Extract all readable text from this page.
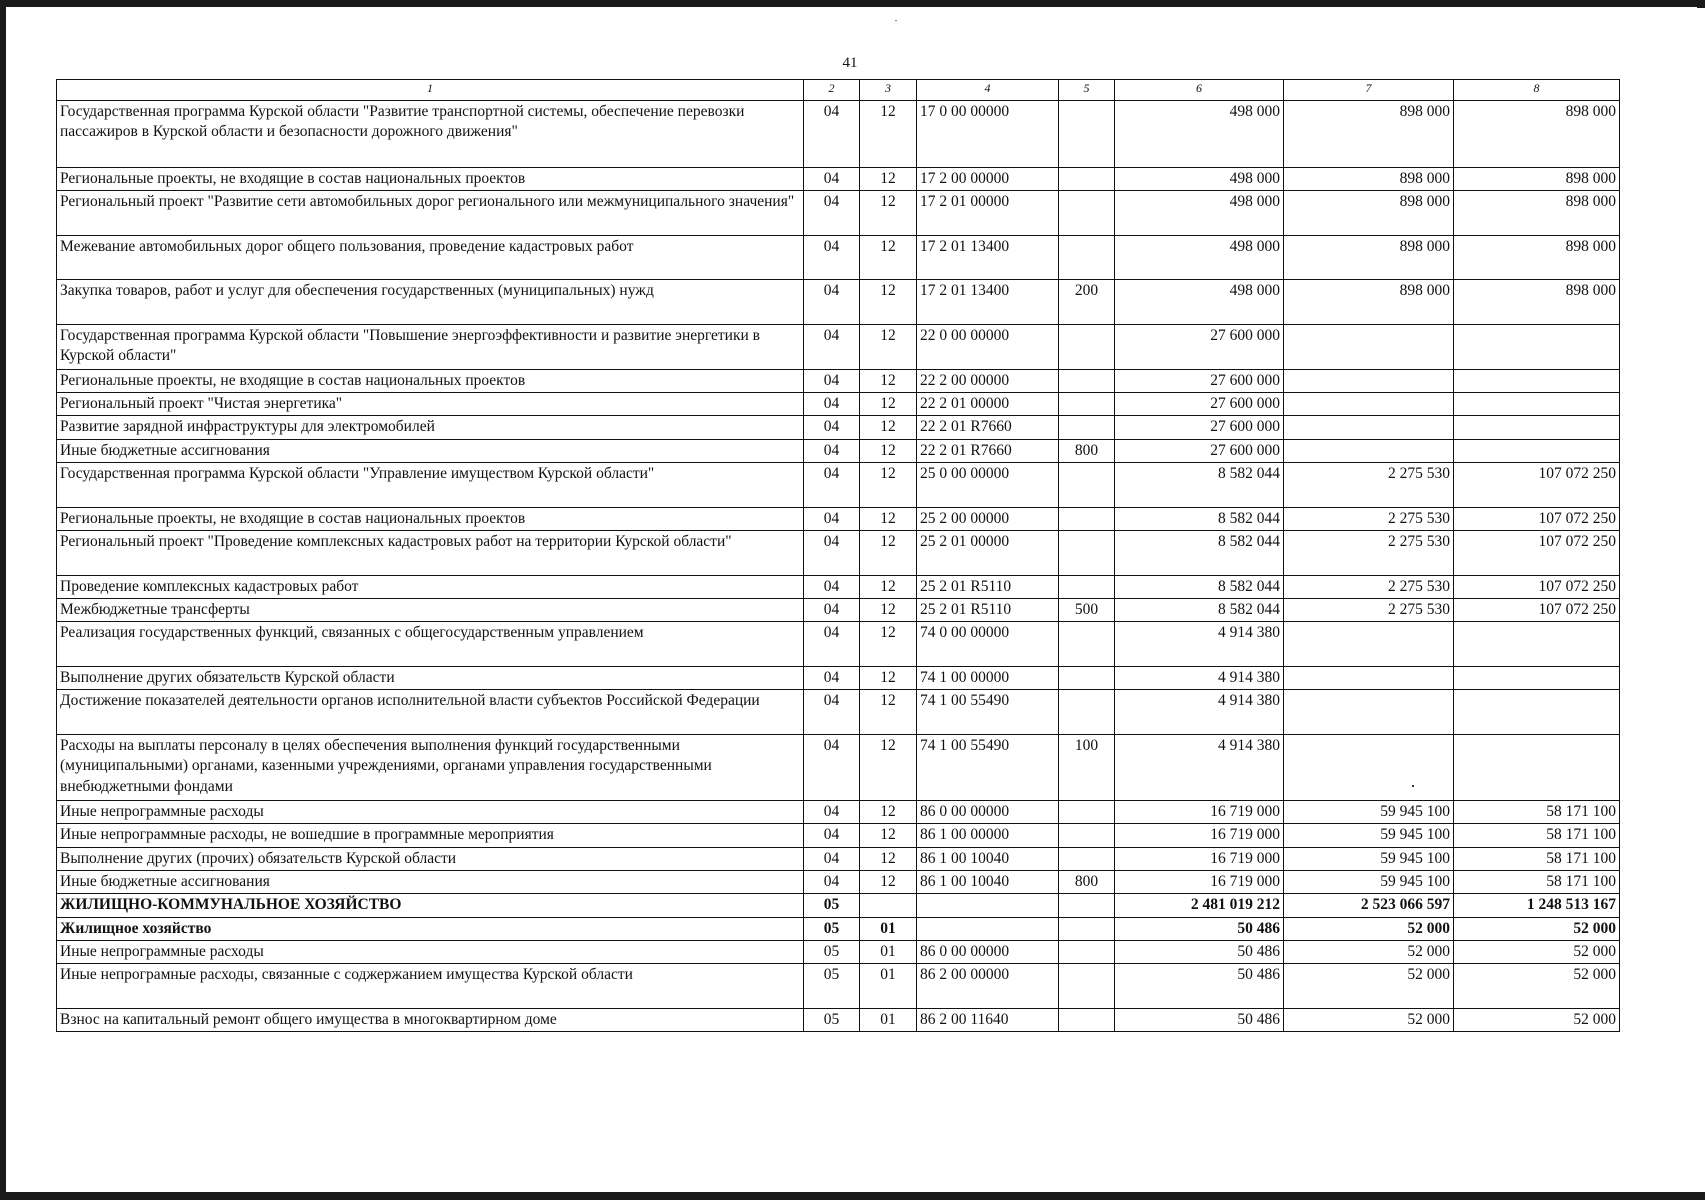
41
1	2	3	4	5	6	7	8
Государственная программа Курской области "Развитие транспортной системы, обеспечение перевозки пассажиров в Курской области и безопасности дорожного движения"	04	12	17 0 00 00000		498 000	898 000	898 000
Региональные проекты, не входящие в состав национальных проектов	04	12	17 2 00 00000		498 000	898 000	898 000
Региональный проект "Развитие сети автомобильных дорог регионального или межмуниципального значения"	04	12	17 2 01 00000		498 000	898 000	898 000
Межевание автомобильных дорог общего пользования, проведение кадастровых работ	04	12	17 2 01 13400		498 000	898 000	898 000
Закупка товаров, работ и услуг для обеспечения государственных (муниципальных) нужд	04	12	17 2 01 13400	200	498 000	898 000	898 000
Государственная программа Курской области "Повышение энергоэффективности и развитие энергетики в Курской области"	04	12	22 0 00 00000		27 600 000		
Региональные проекты, не входящие в состав национальных проектов	04	12	22 2 00 00000		27 600 000		
Региональный проект "Чистая энергетика"	04	12	22 2 01 00000		27 600 000		
Развитие зарядной инфраструктуры для электромобилей	04	12	22 2 01 R7660		27 600 000		
Иные бюджетные ассигнования	04	12	22 2 01 R7660	800	27 600 000		
Государственная программа Курской области "Управление имуществом Курской области"	04	12	25 0 00 00000		8 582 044	2 275 530	107 072 250
Региональные проекты, не входящие в состав национальных проектов	04	12	25 2 00 00000		8 582 044	2 275 530	107 072 250
Региональный проект "Проведение комплексных кадастровых работ на территории Курской области"	04	12	25 2 01 00000		8 582 044	2 275 530	107 072 250
Проведение комплексных кадастровых работ	04	12	25 2 01 R5110		8 582 044	2 275 530	107 072 250
Межбюджетные трансферты	04	12	25 2 01 R5110	500	8 582 044	2 275 530	107 072 250
Реализация государственных функций, связанных с общегосударственным управлением	04	12	74 0 00 00000		4 914 380		
Выполнение других обязательств Курской области	04	12	74 1 00 00000		4 914 380		
Достижение показателей деятельности органов исполнительной власти субъектов Российской Федерации	04	12	74 1 00 55490		4 914 380		
Расходы на выплаты персоналу в целях обеспечения выполнения функций государственными (муниципальными) органами, казенными учреждениями, органами управления государственными внебюджетными фондами	04	12	74 1 00 55490	100	4 914 380		
Иные непрограммные расходы	04	12	86 0 00 00000		16 719 000	59 945 100	58 171 100
Иные непрограммные расходы, не вошедшие в программные мероприятия	04	12	86 1 00 00000		16 719 000	59 945 100	58 171 100
Выполнение других (прочих) обязательств Курской области	04	12	86 1 00 10040		16 719 000	59 945 100	58 171 100
Иные бюджетные ассигнования	04	12	86 1 00 10040	800	16 719 000	59 945 100	58 171 100
ЖИЛИЩНО-КОММУНАЛЬНОЕ ХОЗЯЙСТВО	05				2 481 019 212	2 523 066 597	1 248 513 167
Жилищное хозяйство	05	01			50 486	52 000	52 000
Иные непрограммные расходы	05	01	86 0 00 00000		50 486	52 000	52 000
Иные непрограмные расходы, связанные с соджержанием имущества Курской области	05	01	86 2 00 00000		50 486	52 000	52 000
Взнос на капитальный ремонт общего имущества в многоквартирном доме	05	01	86 2 00 11640		50 486	52 000	52 000
